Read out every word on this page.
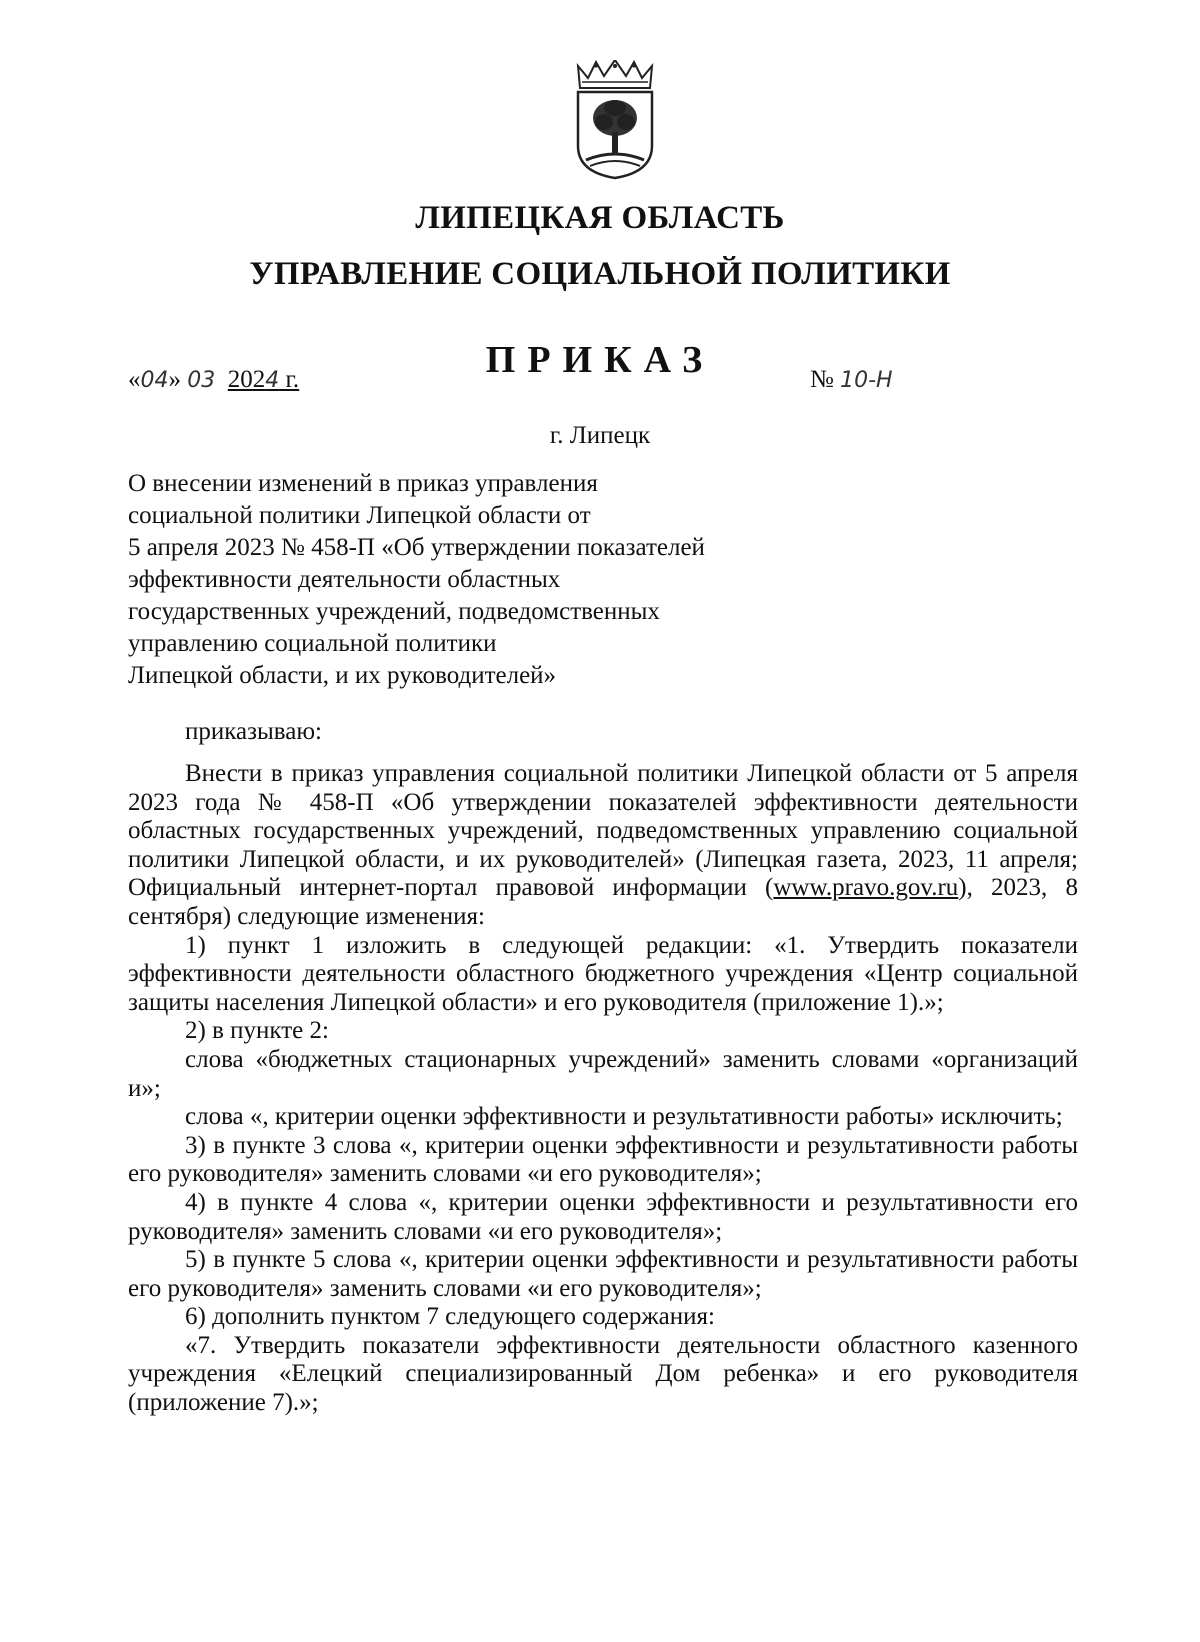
ЛИПЕЦКАЯ ОБЛАСТЬ
УПРАВЛЕНИЕ СОЦИАЛЬНОЙ ПОЛИТИКИ
ПРИКАЗ
«04» 03 2024 г.	№ 10-Н
г. Липецк
О внесении изменений в приказ управления
социальной политики Липецкой области от
5 апреля 2023 № 458-П «Об утверждении показателей
эффективности деятельности областных
государственных учреждений, подведомственных
управлению социальной политики
Липецкой области, и их руководителей»
приказываю:

Внести в приказ управления социальной политики Липецкой области от 5 апреля 2023 года № 458-П «Об утверждении показателей эффективности деятельности областных государственных учреждений, подведомственных управлению социальной политики Липецкой области, и их руководителей» (Липецкая газета, 2023, 11 апреля; Официальный интернет-портал правовой информации (www.pravo.gov.ru), 2023, 8 сентября) следующие изменения:

1) пункт 1 изложить в следующей редакции: «1. Утвердить показатели эффективности деятельности областного бюджетного учреждения «Центр социальной защиты населения Липецкой области» и его руководителя (приложение 1).»;

2) в пункте 2:

слова «бюджетных стационарных учреждений» заменить словами «организаций и»;

слова «, критерии оценки эффективности и результативности работы» исключить;

3) в пункте 3 слова «, критерии оценки эффективности и результативности работы его руководителя» заменить словами «и его руководителя»;

4) в пункте 4 слова «, критерии оценки эффективности и результативности его руководителя» заменить словами «и его руководителя»;

5) в пункте 5 слова «, критерии оценки эффективности и результативности работы его руководителя» заменить словами «и его руководителя»;

6) дополнить пунктом 7 следующего содержания:

«7. Утвердить показатели эффективности деятельности областного казенного учреждения «Елецкий специализированный Дом ребенка» и его руководителя (приложение 7).»;
